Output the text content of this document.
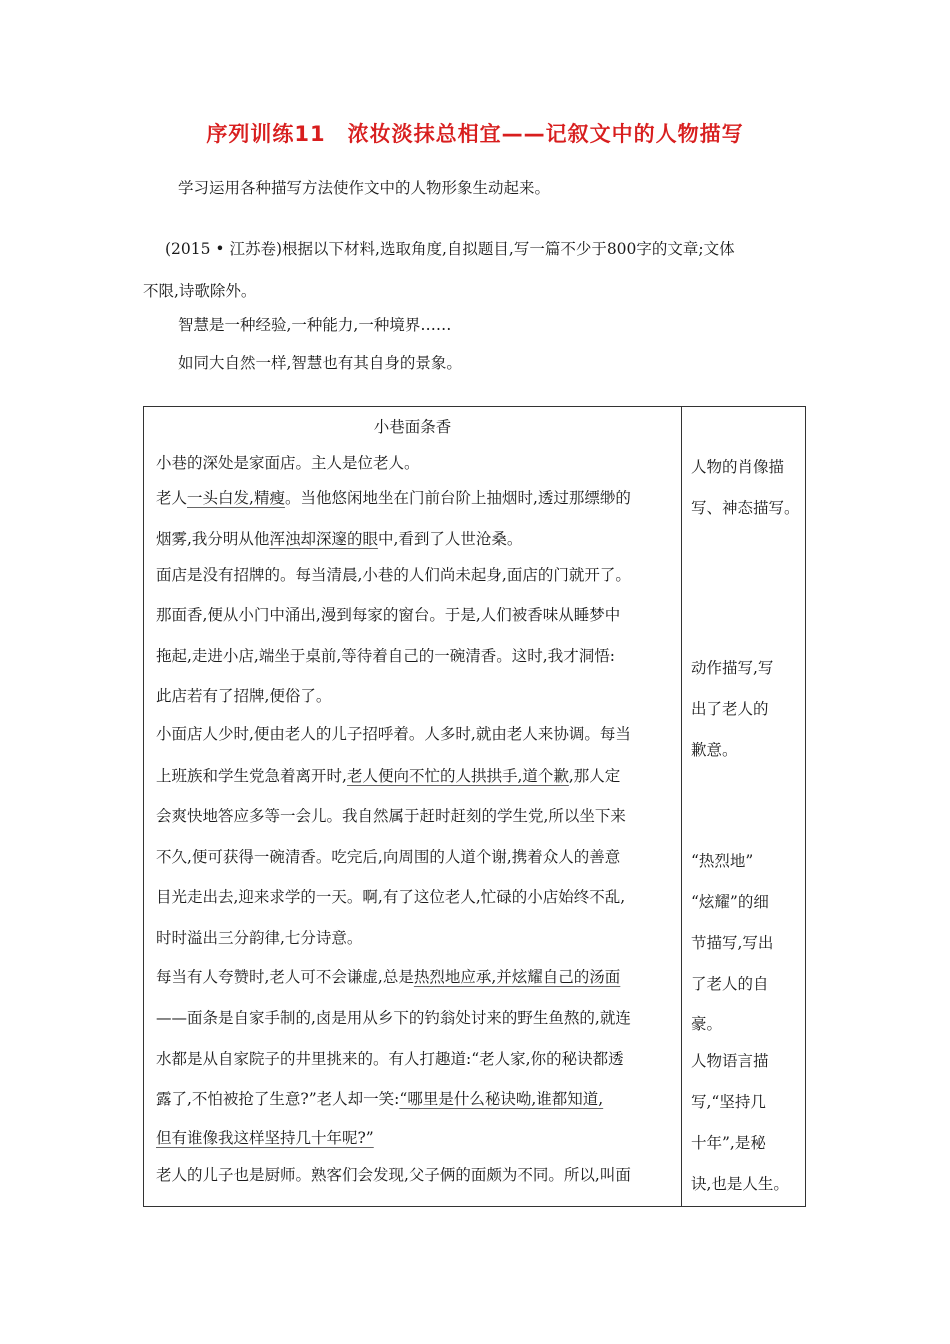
序列训练11　浓妆淡抹总相宜——记叙文中的人物描写
学习运用各种描写方法使作文中的人物形象生动起来。
(2015 • 江苏卷)根据以下材料,选取角度,自拟题目,写一篇不少于800字的文章;文体
不限,诗歌除外。
智慧是一种经验,一种能力,一种境界……
如同大自然一样,智慧也有其自身的景象。
小巷面条香
小巷的深处是家面店。主人是位老人。
老人一头白发,精瘦。当他悠闲地坐在门前台阶上抽烟时,透过那缥缈的
烟雾,我分明从他浑浊却深邃的眼中,看到了人世沧桑。
面店是没有招牌的。每当清晨,小巷的人们尚未起身,面店的门就开了。
那面香,便从小门中涌出,漫到每家的窗台。于是,人们被香味从睡梦中
拖起,走进小店,端坐于桌前,等待着自己的一碗清香。这时,我才洞悟:
此店若有了招牌,便俗了。
小面店人少时,便由老人的儿子招呼着。人多时,就由老人来协调。每当
上班族和学生党急着离开时,老人便向不忙的人拱拱手,道个歉,那人定
会爽快地答应多等一会儿。我自然属于赶时赶刻的学生党,所以坐下来
不久,便可获得一碗清香。吃完后,向周围的人道个谢,携着众人的善意
目光走出去,迎来求学的一天。啊,有了这位老人,忙碌的小店始终不乱,
时时溢出三分韵律,七分诗意。
每当有人夸赞时,老人可不会谦虚,总是热烈地应承,并炫耀自己的汤面
——面条是自家手制的,卤是用从乡下的钓翁处讨来的野生鱼熬的,就连
水都是从自家院子的井里挑来的。有人打趣道:“老人家,你的秘诀都透
露了,不怕被抢了生意?”老人却一笑:“哪里是什么秘诀呦,谁都知道,
但有谁像我这样坚持几十年呢?”
老人的儿子也是厨师。熟客们会发现,父子俩的面颇为不同。所以,叫面
人物的肖像描
写、神态描写。
动作描写,写
出了老人的
歉意。
“热烈地”
“炫耀”的细
节描写,写出
了老人的自
豪。
人物语言描
写,“坚持几
十年”,是秘
诀,也是人生。
